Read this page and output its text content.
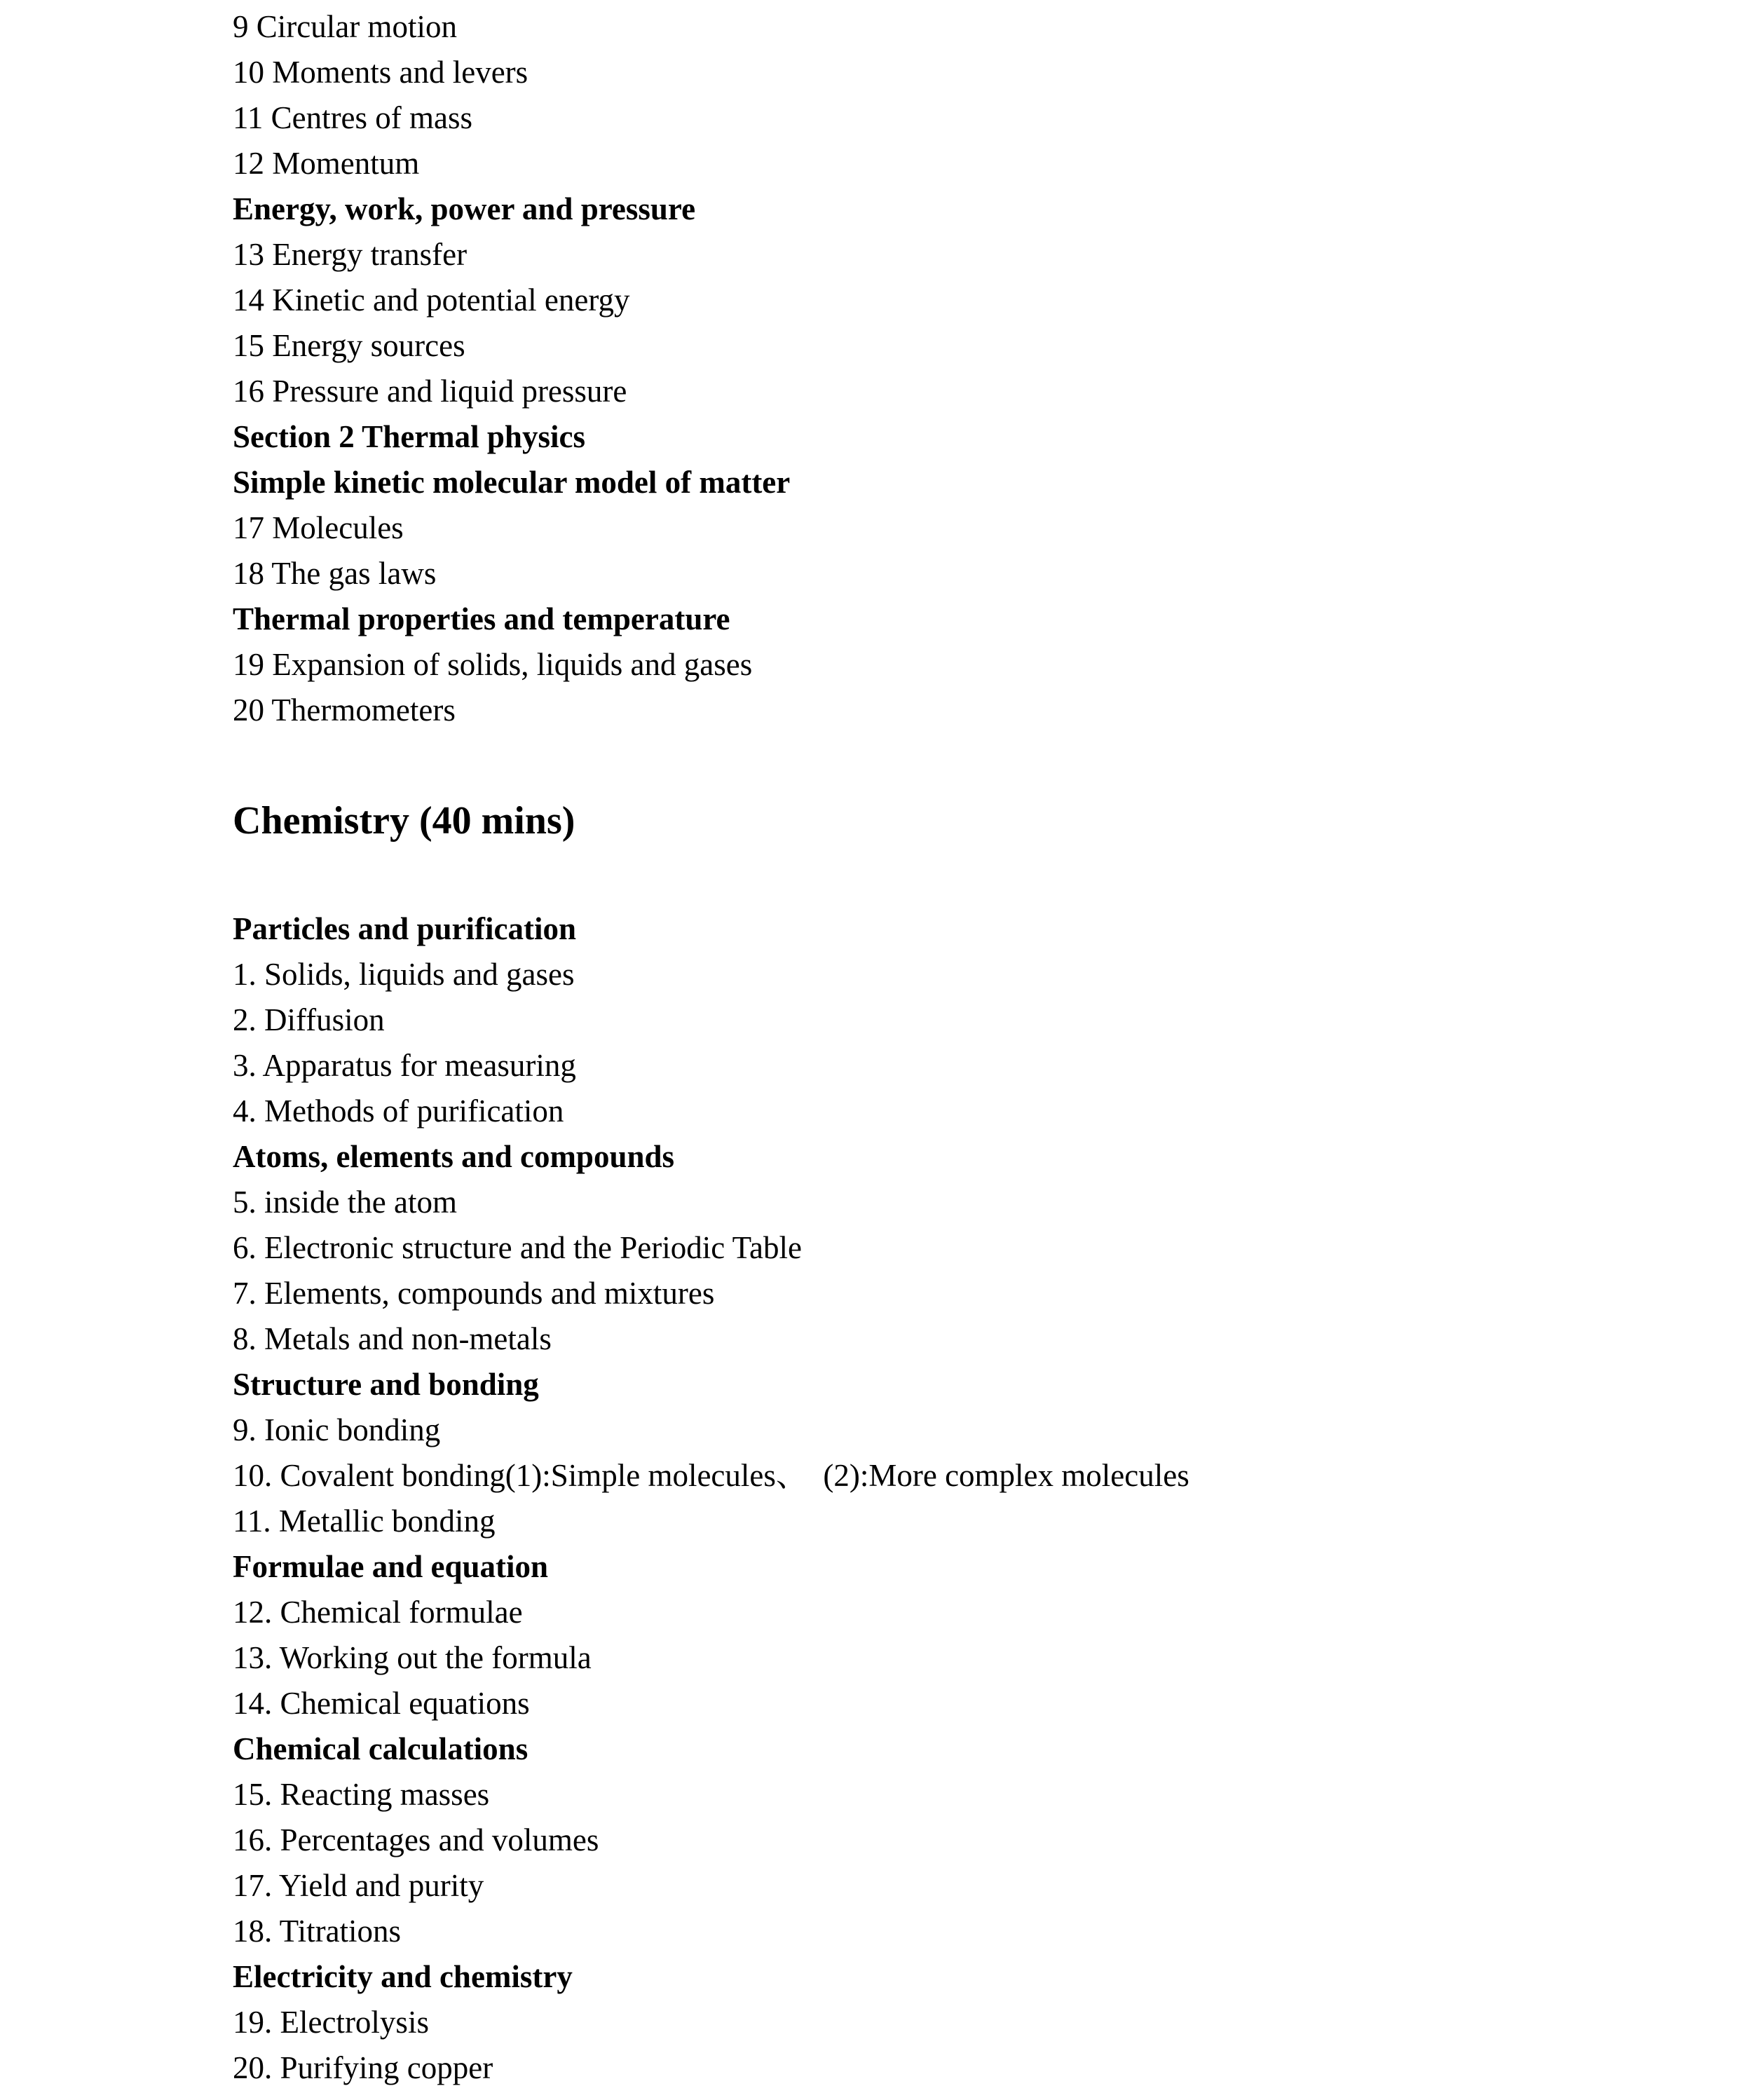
9 Circular motion
10 Moments and levers
11 Centres of mass
12 Momentum
Energy, work, power and pressure
13 Energy transfer
14 Kinetic and potential energy
15 Energy sources
16 Pressure and liquid pressure
Section 2 Thermal physics
Simple kinetic molecular model of matter
17 Molecules
18 The gas laws
Thermal properties and temperature
19 Expansion of solids, liquids and gases
20 Thermometers
Chemistry (40 mins)
Particles and purification
1. Solids, liquids and gases
2. Diffusion
3. Apparatus for measuring
4. Methods of purification
Atoms, elements and compounds
5. inside the atom
6. Electronic structure and the Periodic Table
7. Elements, compounds and mixtures
8. Metals and non-metals
Structure and bonding
9. Ionic bonding
10. Covalent bonding(1):Simple molecules、  (2):More complex molecules
11. Metallic bonding
Formulae and equation
12. Chemical formulae
13. Working out the formula
14. Chemical equations
Chemical calculations
15. Reacting masses
16. Percentages and volumes
17. Yield and purity
18. Titrations
Electricity and chemistry
19. Electrolysis
20. Purifying copper
